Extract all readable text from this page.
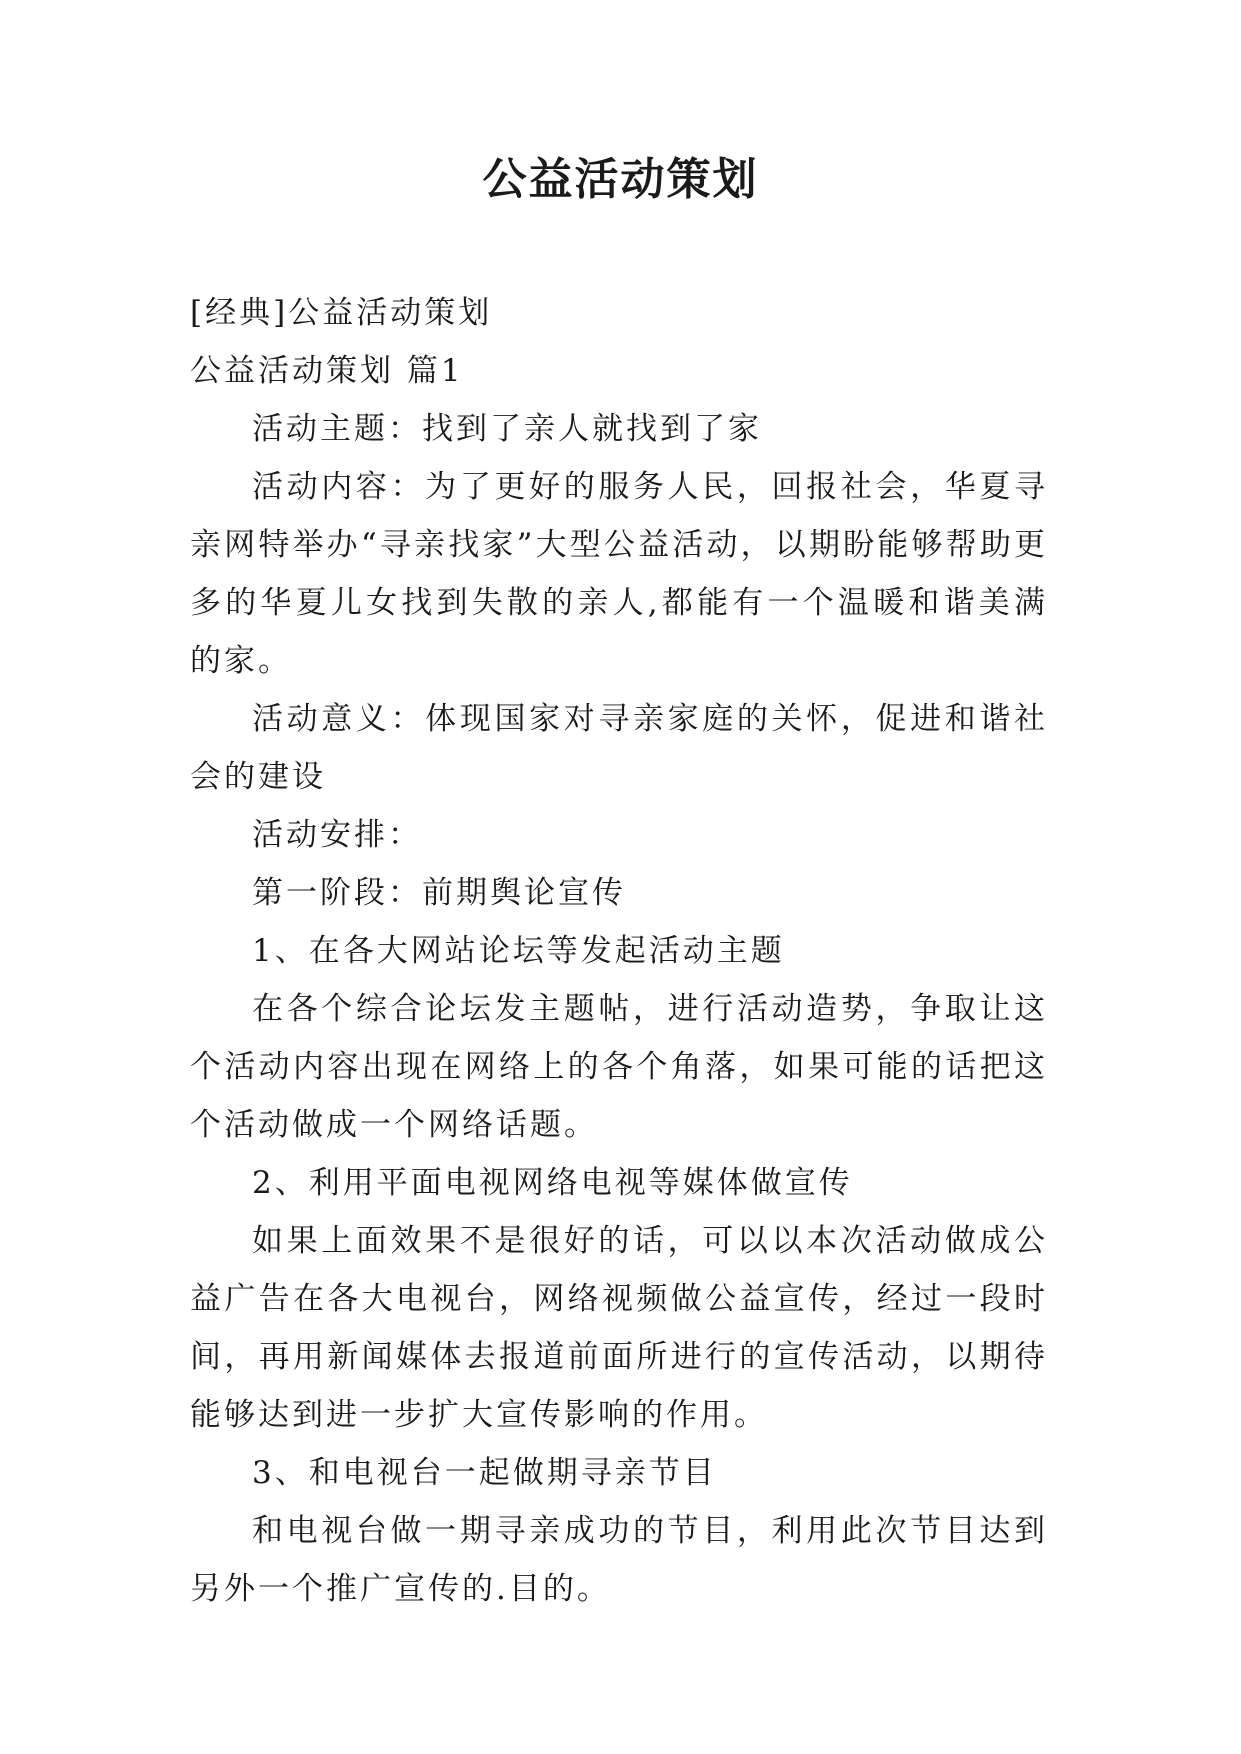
公益活动策划

[经典]公益活动策划

公益活动策划 篇1

活动主题：找到了亲人就找到了家

活动内容：为了更好的服务人民，回报社会，华夏寻亲网特举办“寻亲找家”大型公益活动，以期盼能够帮助更多的华夏儿女找到失散的亲人,都能有一个温暖和谐美满的家。

活动意义：体现国家对寻亲家庭的关怀，促进和谐社会的建设

活动安排：

第一阶段：前期舆论宣传

1、在各大网站论坛等发起活动主题

在各个综合论坛发主题帖，进行活动造势，争取让这个活动内容出现在网络上的各个角落，如果可能的话把这个活动做成一个网络话题。

2、利用平面电视网络电视等媒体做宣传

如果上面效果不是很好的话，可以以本次活动做成公益广告在各大电视台，网络视频做公益宣传，经过一段时间，再用新闻媒体去报道前面所进行的宣传活动，以期待能够达到进一步扩大宣传影响的作用。

3、和电视台一起做期寻亲节目

和电视台做一期寻亲成功的节目，利用此次节目达到另外一个推广宣传的.目的。
